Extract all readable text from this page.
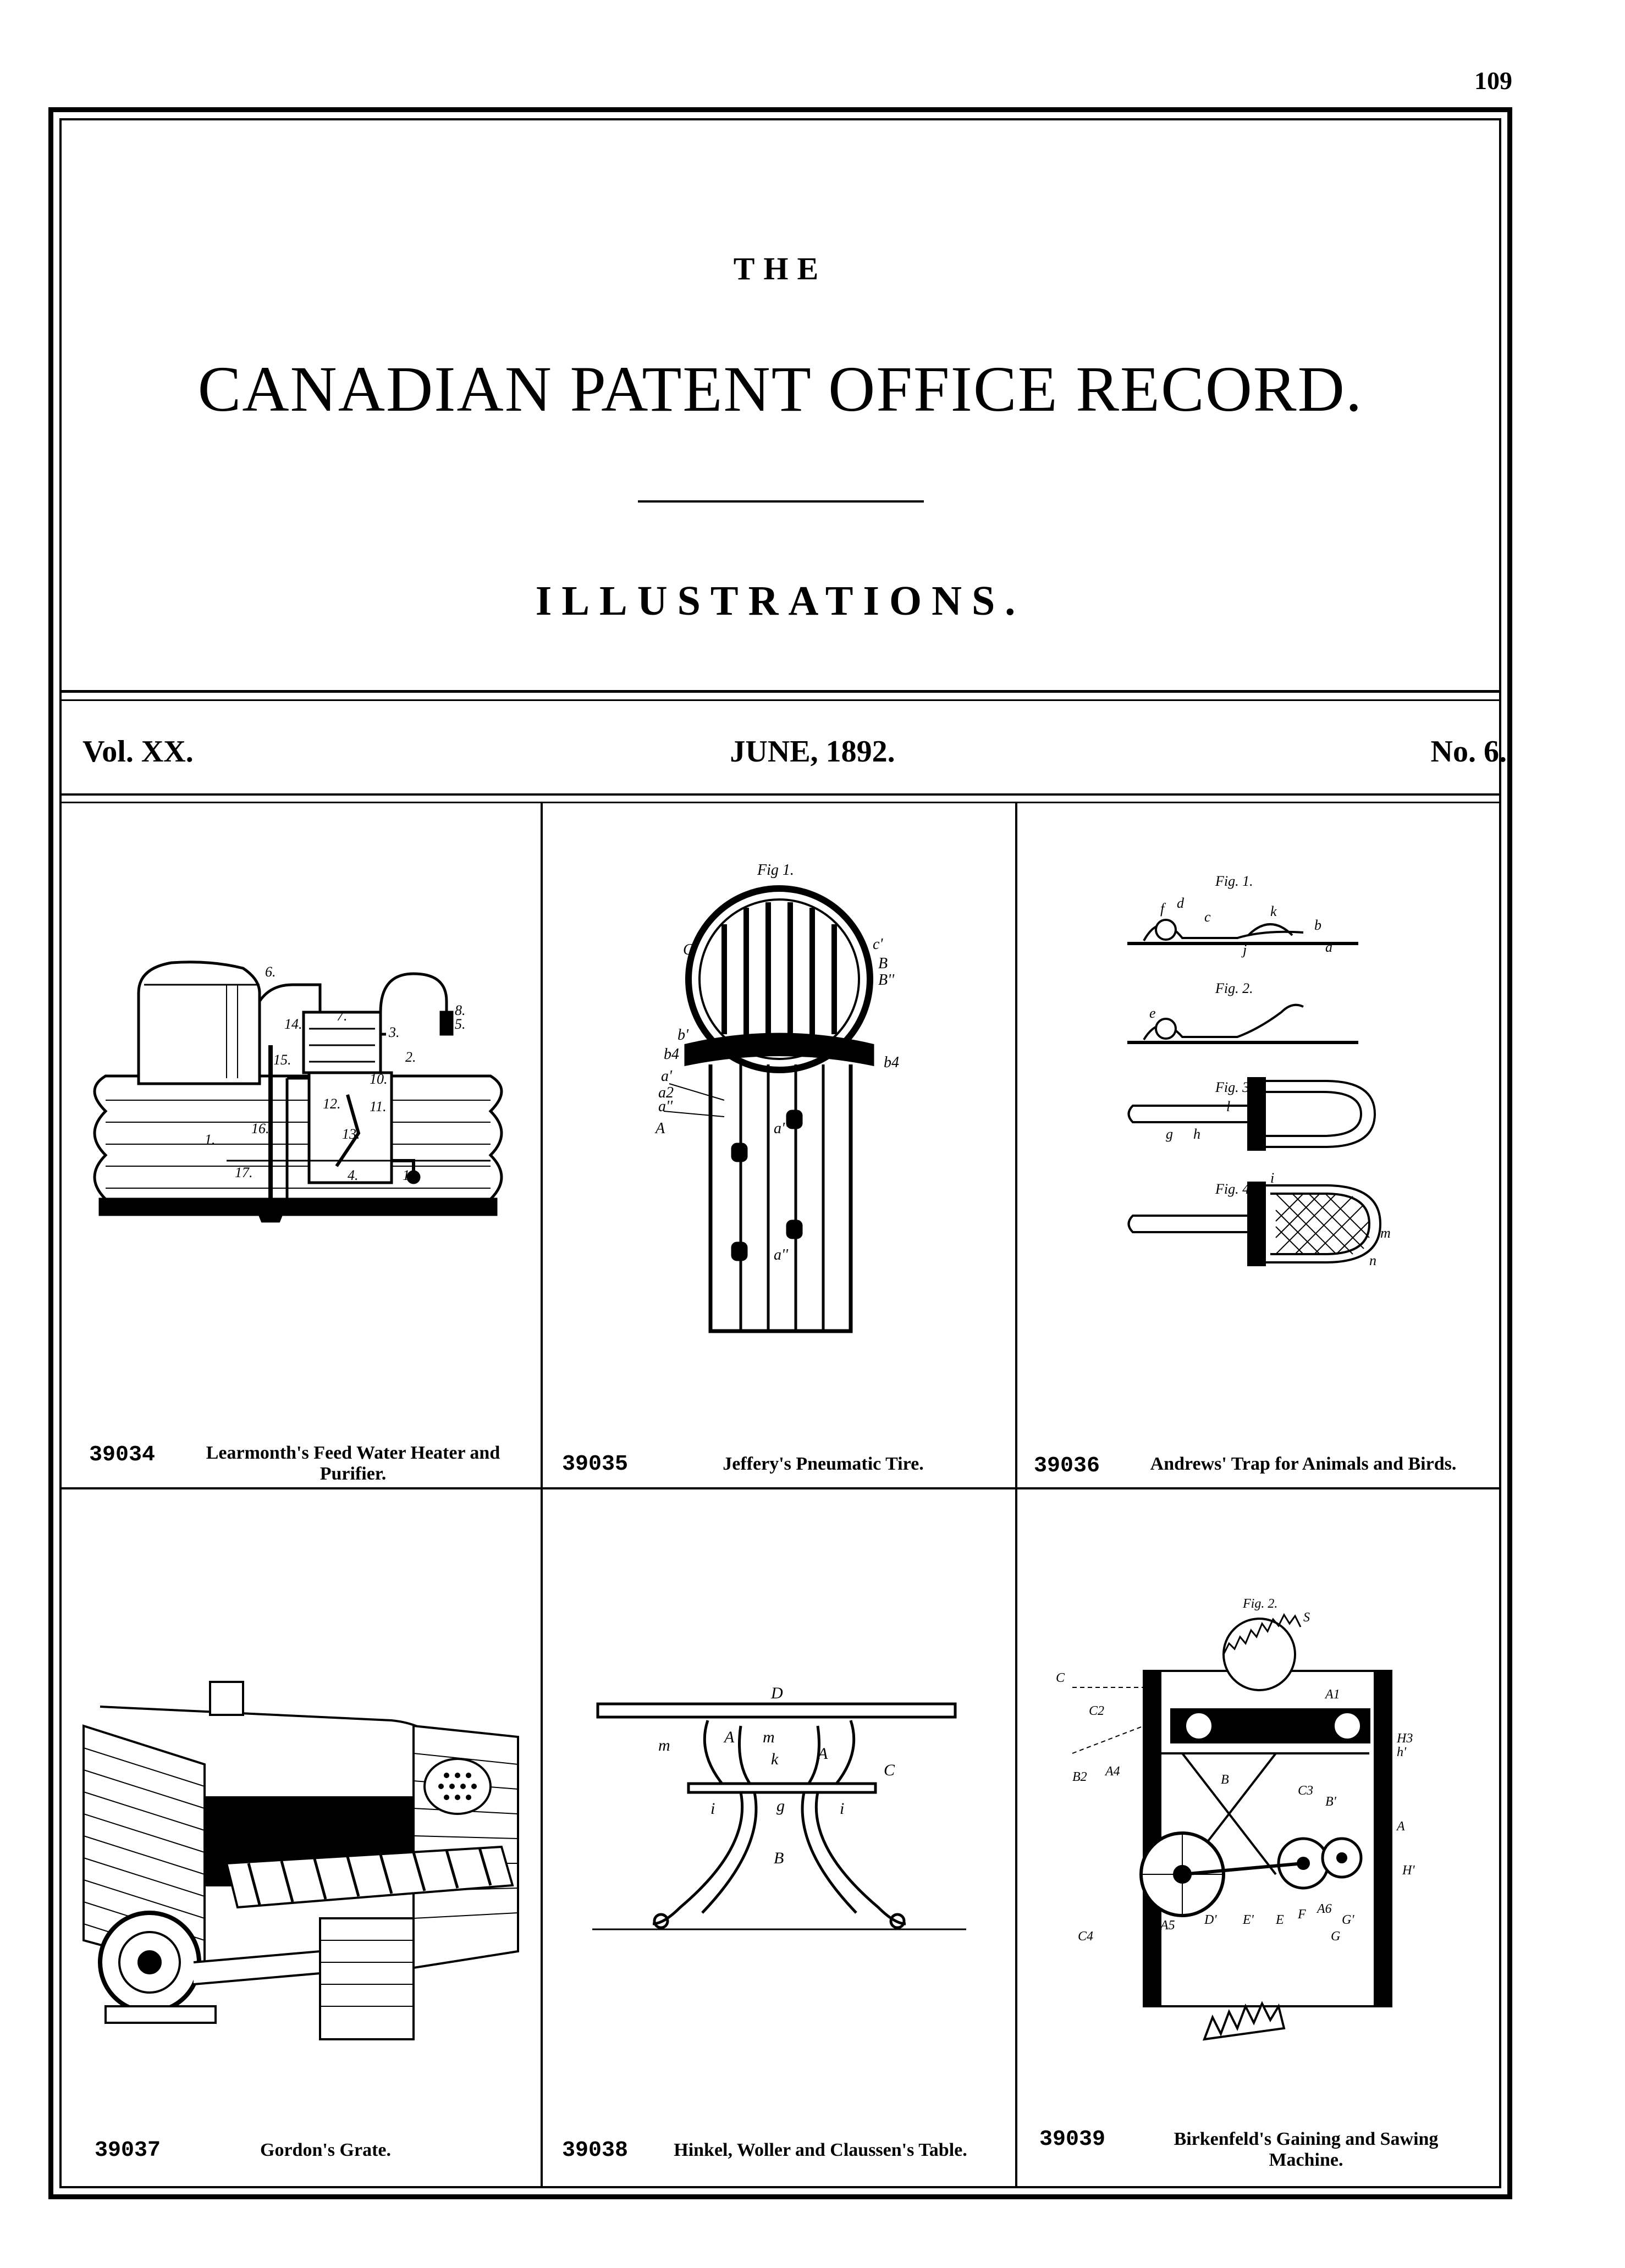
109
THE
CANADIAN PATENT OFFICE RECORD.
ILLUSTRATIONS.
Vol. XX.	JUNE, 1892.	No. 6.
6.
7.	8.
5.
14.
3.
2.
15.
10.
12. 11.
16.
1.	13.
17.	4.	18.
39034	Learmonth's Feed Water Heater and
Purifier.
Fig 1.
C	c'
B
B''
b'
b4	a
b4
a'
a2
a''
A	a'''
a''
39035	Jeffery's Pneumatic Tire.
Fig. 1.
Fig. 2.
Fig. 3.
Fig. 4.
d
c	k
b
a
j
l
h
g
m
n
i
f
e
39036	Andrews' Trap for Animals and Birds.
39037	Gordon's Grate.
D
m	m
A
A
k
C
i	g	i
B
39038	Hinkel, Woller and Claussen's Table.
Fig. 2.
C
S
C2
A1
H3
h'
B2 A4
B
C3
B'
A
H'
C4
A5 D' E' E F A6
G'
G
39039	Birkenfeld's Gaining and Sawing
Machine.
